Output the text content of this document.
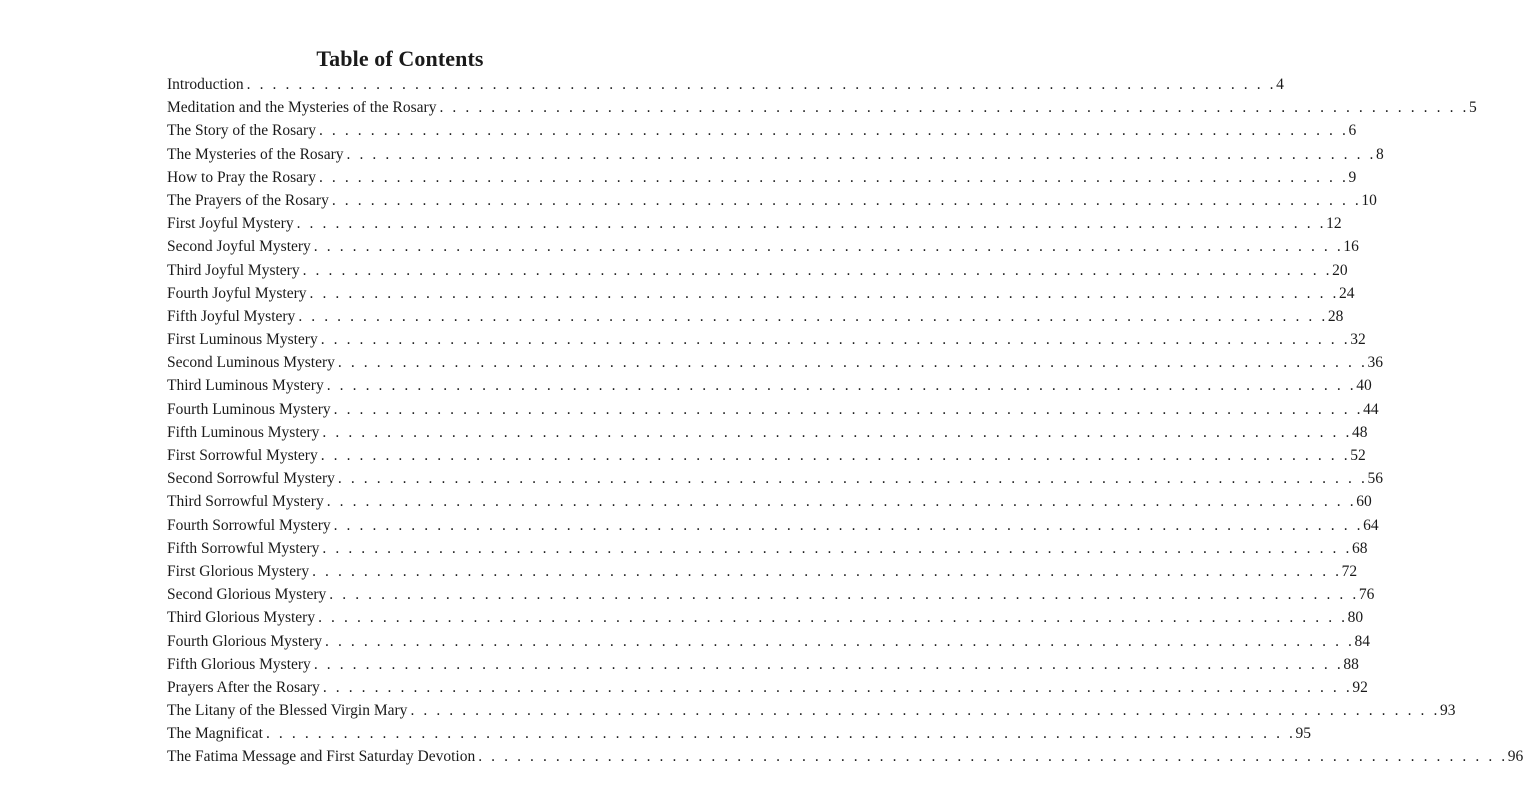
Table of Contents
Introduction . . . . . . . . . . . . . . . . . . . . . . . . . . . . . . . . . . . . . . . . . . . . . . . . . . . . . . . . . . . . . . . . . . . . . . . . . . . . . . . . 4
Meditation and the Mysteries of the Rosary . . . . . . . . . . . . . . . . . . . . . . . . . . . . . . . . . . . . . . . . . . . . . . . . . . . . . . . . . . . . . . . . . . . . . . . . . . . . . . . . 5
The Story of the Rosary . . . . . . . . . . . . . . . . . . . . . . . . . . . . . . . . . . . . . . . . . . . . . . . . . . . . . . . . . . . . . . . . . . . . . . . . . . . . . . . . 6
The Mysteries of the Rosary . . . . . . . . . . . . . . . . . . . . . . . . . . . . . . . . . . . . . . . . . . . . . . . . . . . . . . . . . . . . . . . . . . . . . . . . . . . . . . . . 8
How to Pray the Rosary . . . . . . . . . . . . . . . . . . . . . . . . . . . . . . . . . . . . . . . . . . . . . . . . . . . . . . . . . . . . . . . . . . . . . . . . . . . . . . . . 9
The Prayers of the Rosary . . . . . . . . . . . . . . . . . . . . . . . . . . . . . . . . . . . . . . . . . . . . . . . . . . . . . . . . . . . . . . . . . . . . . . . . . . . . . . . . 10
First Joyful Mystery . . . . . . . . . . . . . . . . . . . . . . . . . . . . . . . . . . . . . . . . . . . . . . . . . . . . . . . . . . . . . . . . . . . . . . . . . . . . . . . . 12
Second Joyful Mystery . . . . . . . . . . . . . . . . . . . . . . . . . . . . . . . . . . . . . . . . . . . . . . . . . . . . . . . . . . . . . . . . . . . . . . . . . . . . . . . . 16
Third Joyful Mystery . . . . . . . . . . . . . . . . . . . . . . . . . . . . . . . . . . . . . . . . . . . . . . . . . . . . . . . . . . . . . . . . . . . . . . . . . . . . . . . . 20
Fourth Joyful Mystery . . . . . . . . . . . . . . . . . . . . . . . . . . . . . . . . . . . . . . . . . . . . . . . . . . . . . . . . . . . . . . . . . . . . . . . . . . . . . . . . 24
Fifth Joyful Mystery . . . . . . . . . . . . . . . . . . . . . . . . . . . . . . . . . . . . . . . . . . . . . . . . . . . . . . . . . . . . . . . . . . . . . . . . . . . . . . . . 28
First Luminous Mystery . . . . . . . . . . . . . . . . . . . . . . . . . . . . . . . . . . . . . . . . . . . . . . . . . . . . . . . . . . . . . . . . . . . . . . . . . . . . . . . . 32
Second Luminous Mystery . . . . . . . . . . . . . . . . . . . . . . . . . . . . . . . . . . . . . . . . . . . . . . . . . . . . . . . . . . . . . . . . . . . . . . . . . . . . . . . . 36
Third Luminous Mystery . . . . . . . . . . . . . . . . . . . . . . . . . . . . . . . . . . . . . . . . . . . . . . . . . . . . . . . . . . . . . . . . . . . . . . . . . . . . . . . . 40
Fourth Luminous Mystery . . . . . . . . . . . . . . . . . . . . . . . . . . . . . . . . . . . . . . . . . . . . . . . . . . . . . . . . . . . . . . . . . . . . . . . . . . . . . . . . 44
Fifth Luminous Mystery . . . . . . . . . . . . . . . . . . . . . . . . . . . . . . . . . . . . . . . . . . . . . . . . . . . . . . . . . . . . . . . . . . . . . . . . . . . . . . . . 48
First Sorrowful Mystery . . . . . . . . . . . . . . . . . . . . . . . . . . . . . . . . . . . . . . . . . . . . . . . . . . . . . . . . . . . . . . . . . . . . . . . . . . . . . . . . 52
Second Sorrowful Mystery . . . . . . . . . . . . . . . . . . . . . . . . . . . . . . . . . . . . . . . . . . . . . . . . . . . . . . . . . . . . . . . . . . . . . . . . . . . . . . . . 56
Third Sorrowful Mystery . . . . . . . . . . . . . . . . . . . . . . . . . . . . . . . . . . . . . . . . . . . . . . . . . . . . . . . . . . . . . . . . . . . . . . . . . . . . . . . . 60
Fourth Sorrowful Mystery . . . . . . . . . . . . . . . . . . . . . . . . . . . . . . . . . . . . . . . . . . . . . . . . . . . . . . . . . . . . . . . . . . . . . . . . . . . . . . . . 64
Fifth Sorrowful Mystery . . . . . . . . . . . . . . . . . . . . . . . . . . . . . . . . . . . . . . . . . . . . . . . . . . . . . . . . . . . . . . . . . . . . . . . . . . . . . . . . 68
First Glorious Mystery . . . . . . . . . . . . . . . . . . . . . . . . . . . . . . . . . . . . . . . . . . . . . . . . . . . . . . . . . . . . . . . . . . . . . . . . . . . . . . . . 72
Second Glorious Mystery . . . . . . . . . . . . . . . . . . . . . . . . . . . . . . . . . . . . . . . . . . . . . . . . . . . . . . . . . . . . . . . . . . . . . . . . . . . . . . . . 76
Third Glorious Mystery . . . . . . . . . . . . . . . . . . . . . . . . . . . . . . . . . . . . . . . . . . . . . . . . . . . . . . . . . . . . . . . . . . . . . . . . . . . . . . . . 80
Fourth Glorious Mystery . . . . . . . . . . . . . . . . . . . . . . . . . . . . . . . . . . . . . . . . . . . . . . . . . . . . . . . . . . . . . . . . . . . . . . . . . . . . . . . . 84
Fifth Glorious Mystery . . . . . . . . . . . . . . . . . . . . . . . . . . . . . . . . . . . . . . . . . . . . . . . . . . . . . . . . . . . . . . . . . . . . . . . . . . . . . . . . 88
Prayers After the Rosary . . . . . . . . . . . . . . . . . . . . . . . . . . . . . . . . . . . . . . . . . . . . . . . . . . . . . . . . . . . . . . . . . . . . . . . . . . . . . . . . 92
The Litany of the Blessed Virgin Mary . . . . . . . . . . . . . . . . . . . . . . . . . . . . . . . . . . . . . . . . . . . . . . . . . . . . . . . . . . . . . . . . . . . . . . . . . . . . . . . . 93
The Magnificat . . . . . . . . . . . . . . . . . . . . . . . . . . . . . . . . . . . . . . . . . . . . . . . . . . . . . . . . . . . . . . . . . . . . . . . . . . . . . . . . 95
The Fatima Message and First Saturday Devotion . . . . . . . . . . . . . . . . . . . . . . . . . . . . . . . . . . . . . . . . . . . . . . . . . . . . . . . . . . . . . . . . . . . . . . . . . . . . . . . . 96
